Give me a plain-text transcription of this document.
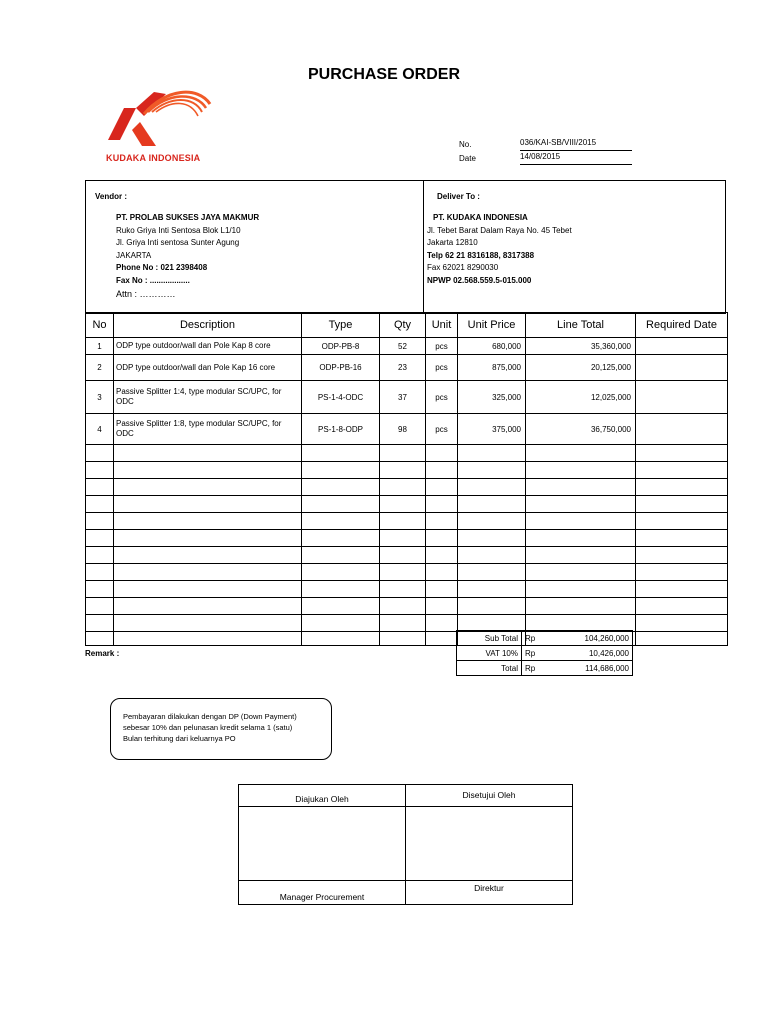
PURCHASE ORDER
KUDAKA INDONESIA
No.	036/KAI-SB/VIII/2015
Date	14/08/2015
Vendor :
PT. PROLAB SUKSES JAYA MAKMUR
Ruko Griya Inti Sentosa Blok L1/10
Jl. Griya Inti sentosa Sunter Agung
JAKARTA
Phone No : 021 2398408
Fax No : ..................
Attn : …………
Deliver To :
PT. KUDAKA INDONESIA
Jl. Tebet Barat Dalam Raya No. 45 Tebet
Jakarta 12810
Telp 62 21 8316188, 8317388
Fax 62021 8290030
NPWP 02.568.559.5-015.000
No	Description	Type	Qty	Unit	Unit Price	Line Total	Required Date
1	ODP type outdoor/wall dan Pole Kap 8 core	ODP-PB-8	52	pcs	680,000	35,360,000	
2	ODP type outdoor/wall dan Pole Kap 16 core	ODP-PB-16	23	pcs	875,000	20,125,000	
3	Passive Splitter 1:4, type modular SC/UPC, for ODC	PS-1-4-ODC	37	pcs	325,000	12,025,000	
4	Passive Splitter 1:8, type modular SC/UPC, for ODC	PS-1-8-ODP	98	pcs	375,000	36,750,000	

Remark :
Sub Total	Rp	104,260,000
VAT 10%	Rp	10,426,000
Total	Rp	114,686,000
Pembayaran dilakukan dengan DP (Down Payment)
sebesar 10% dan pelunasan kredit selama 1 (satu)
Bulan terhitung dari keluarnya PO
Diajukan Oleh	Disetujui Oleh

Manager Procurement	Direktur
